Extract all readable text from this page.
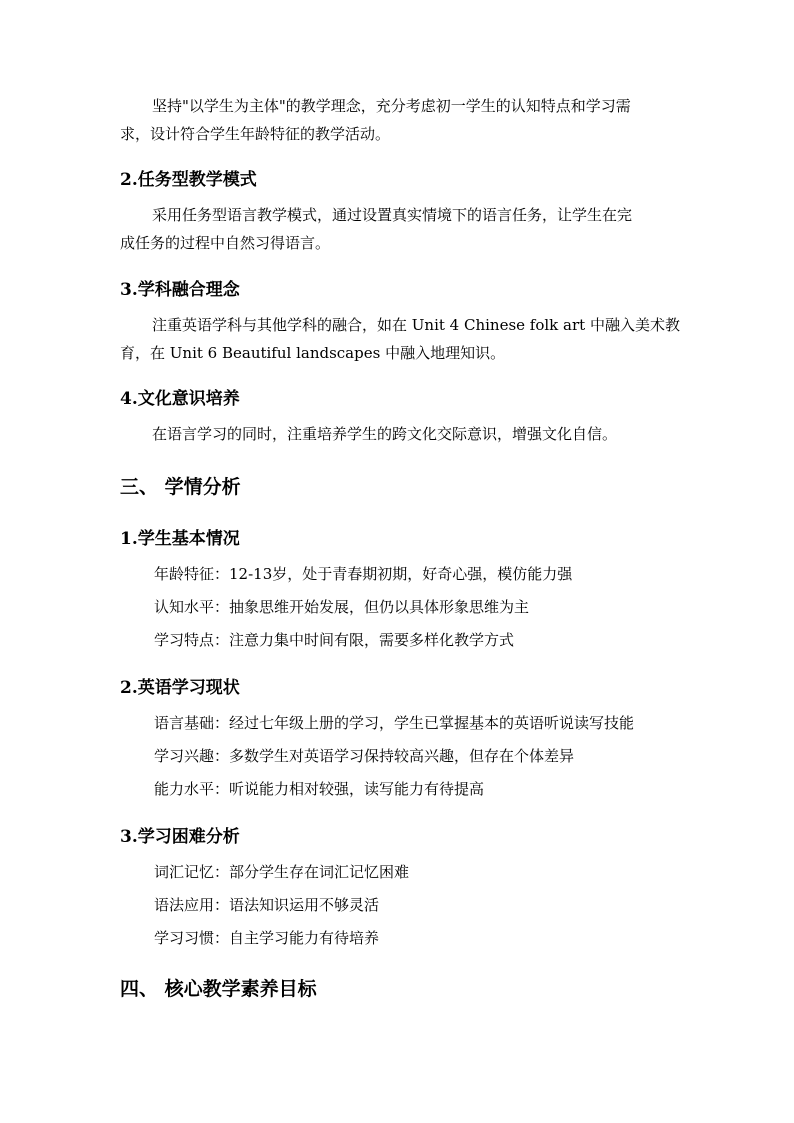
坚持"以学生为主体"的教学理念，充分考虑初一学生的认知特点和学习需
求，设计符合学生年龄特征的教学活动。

2.任务型教学模式

采用任务型语言教学模式，通过设置真实情境下的语言任务，让学生在完
成任务的过程中自然习得语言。

3.学科融合理念

注重英语学科与其他学科的融合，如在 Unit 4 Chinese folk art 中融入美术教
育，在 Unit 6 Beautiful landscapes 中融入地理知识。

4.文化意识培养

在语言学习的同时，注重培养学生的跨文化交际意识，增强文化自信。

三、 学情分析
1.学生基本情况

年龄特征：12-13岁，处于青春期初期，好奇心强，模仿能力强

认知水平：抽象思维开始发展，但仍以具体形象思维为主

学习特点：注意力集中时间有限，需要多样化教学方式

2.英语学习现状

语言基础：经过七年级上册的学习，学生已掌握基本的英语听说读写技能

学习兴趣：多数学生对英语学习保持较高兴趣，但存在个体差异

能力水平：听说能力相对较强，读写能力有待提高

3.学习困难分析

词汇记忆：部分学生存在词汇记忆困难

语法应用：语法知识运用不够灵活

学习习惯：自主学习能力有待培养

四、 核心教学素养目标
